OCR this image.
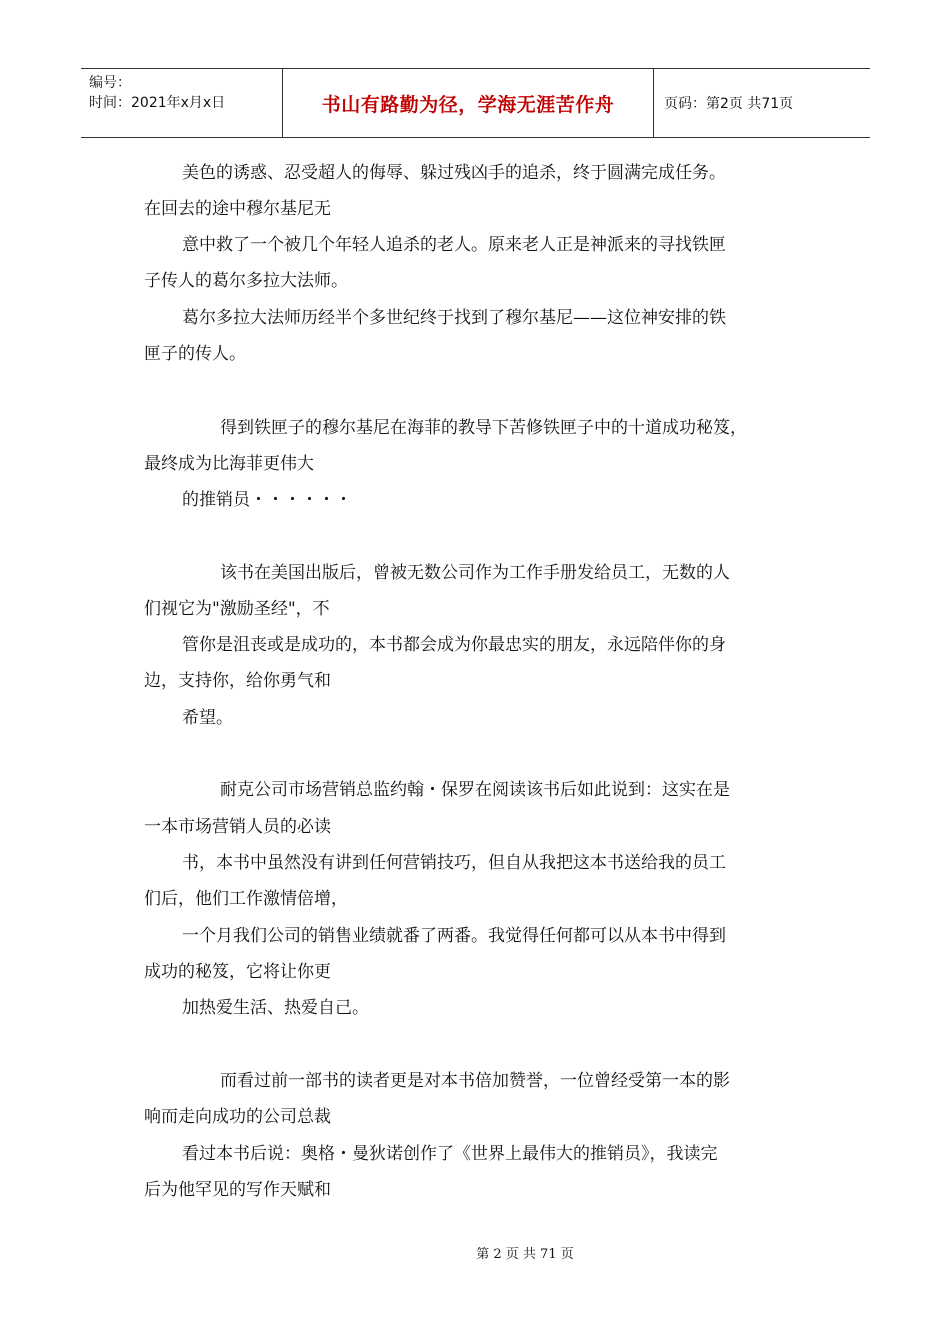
编号：
时间：2021年x月x日	书山有路勤为径，学海无涯苦作舟	页码：第2页 共71页
美色的诱惑、忍受超人的侮辱、躲过残凶手的追杀，终于圆满完成任务。
在回去的途中穆尔基尼无
意中救了一个被几个年轻人追杀的老人。原来老人正是神派来的寻找铁匣
子传人的葛尔多拉大法师。
葛尔多拉大法师历经半个多世纪终于找到了穆尔基尼——这位神安排的铁
匣子的传人。
得到铁匣子的穆尔基尼在海菲的教导下苦修铁匣子中的十道成功秘笈，
最终成为比海菲更伟大
的推销员・・・・・・
该书在美国出版后，曾被无数公司作为工作手册发给员工，无数的人
们视它为"激励圣经"，不
管你是沮丧或是成功的，本书都会成为你最忠实的朋友，永远陪伴你的身
边，支持你，给你勇气和
希望。
耐克公司市场营销总监约翰・保罗在阅读该书后如此说到：这实在是
一本市场营销人员的必读
书，本书中虽然没有讲到任何营销技巧，但自从我把这本书送给我的员工
们后，他们工作激情倍增，
一个月我们公司的销售业绩就番了两番。我觉得任何都可以从本书中得到
成功的秘笈，它将让你更
加热爱生活、热爱自己。
而看过前一部书的读者更是对本书倍加赞誉，一位曾经受第一本的影
响而走向成功的公司总裁
看过本书后说：奥格・曼狄诺创作了《世界上最伟大的推销员》，我读完
后为他罕见的写作天赋和
第 2 页 共 71 页
